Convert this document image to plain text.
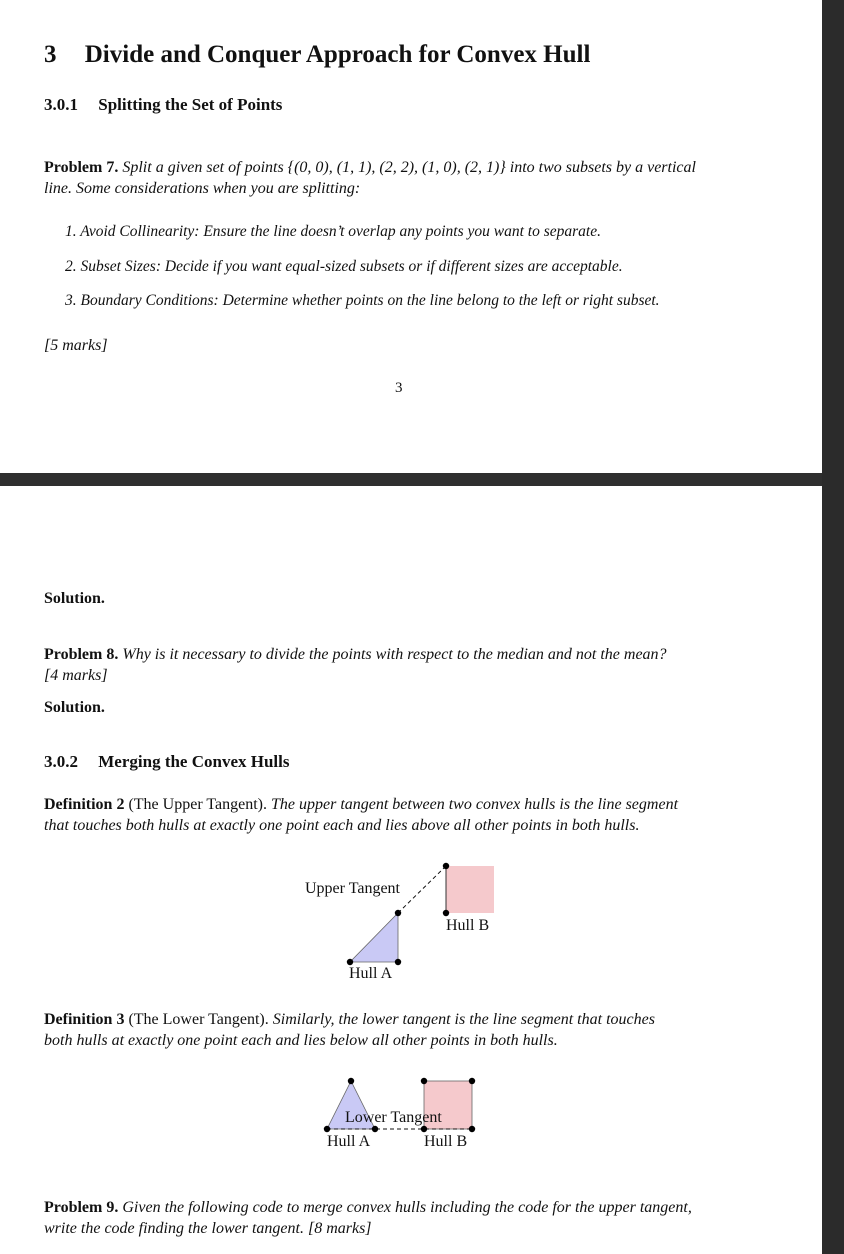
3 Divide and Conquer Approach for Convex Hull
3.0.1 Splitting the Set of Points
Problem 7. Split a given set of points {(0, 0), (1, 1), (2, 2), (1, 0), (2, 1)} into two subsets by a vertical
line. Some considerations when you are splitting:
1. Avoid Collinearity: Ensure the line doesn’t overlap any points you want to separate.
2. Subset Sizes: Decide if you want equal-sized subsets or if different sizes are acceptable.
3. Boundary Conditions: Determine whether points on the line belong to the left or right subset.
[5 marks]
3
Solution.
Problem 8. Why is it necessary to divide the points with respect to the median and not the mean?
[4 marks]
Solution.
3.0.2 Merging the Convex Hulls
Definition 2 (The Upper Tangent). The upper tangent between two convex hulls is the line segment
that touches both hulls at exactly one point each and lies above all other points in both hulls.
Upper Tangent
Hull A
Hull B
Definition 3 (The Lower Tangent). Similarly, the lower tangent is the line segment that touches
both hulls at exactly one point each and lies below all other points in both hulls.
Lower Tangent
Hull A	Hull B
Problem 9. Given the following code to merge convex hulls including the code for the upper tangent,
write the code finding the lower tangent. [8 marks]
